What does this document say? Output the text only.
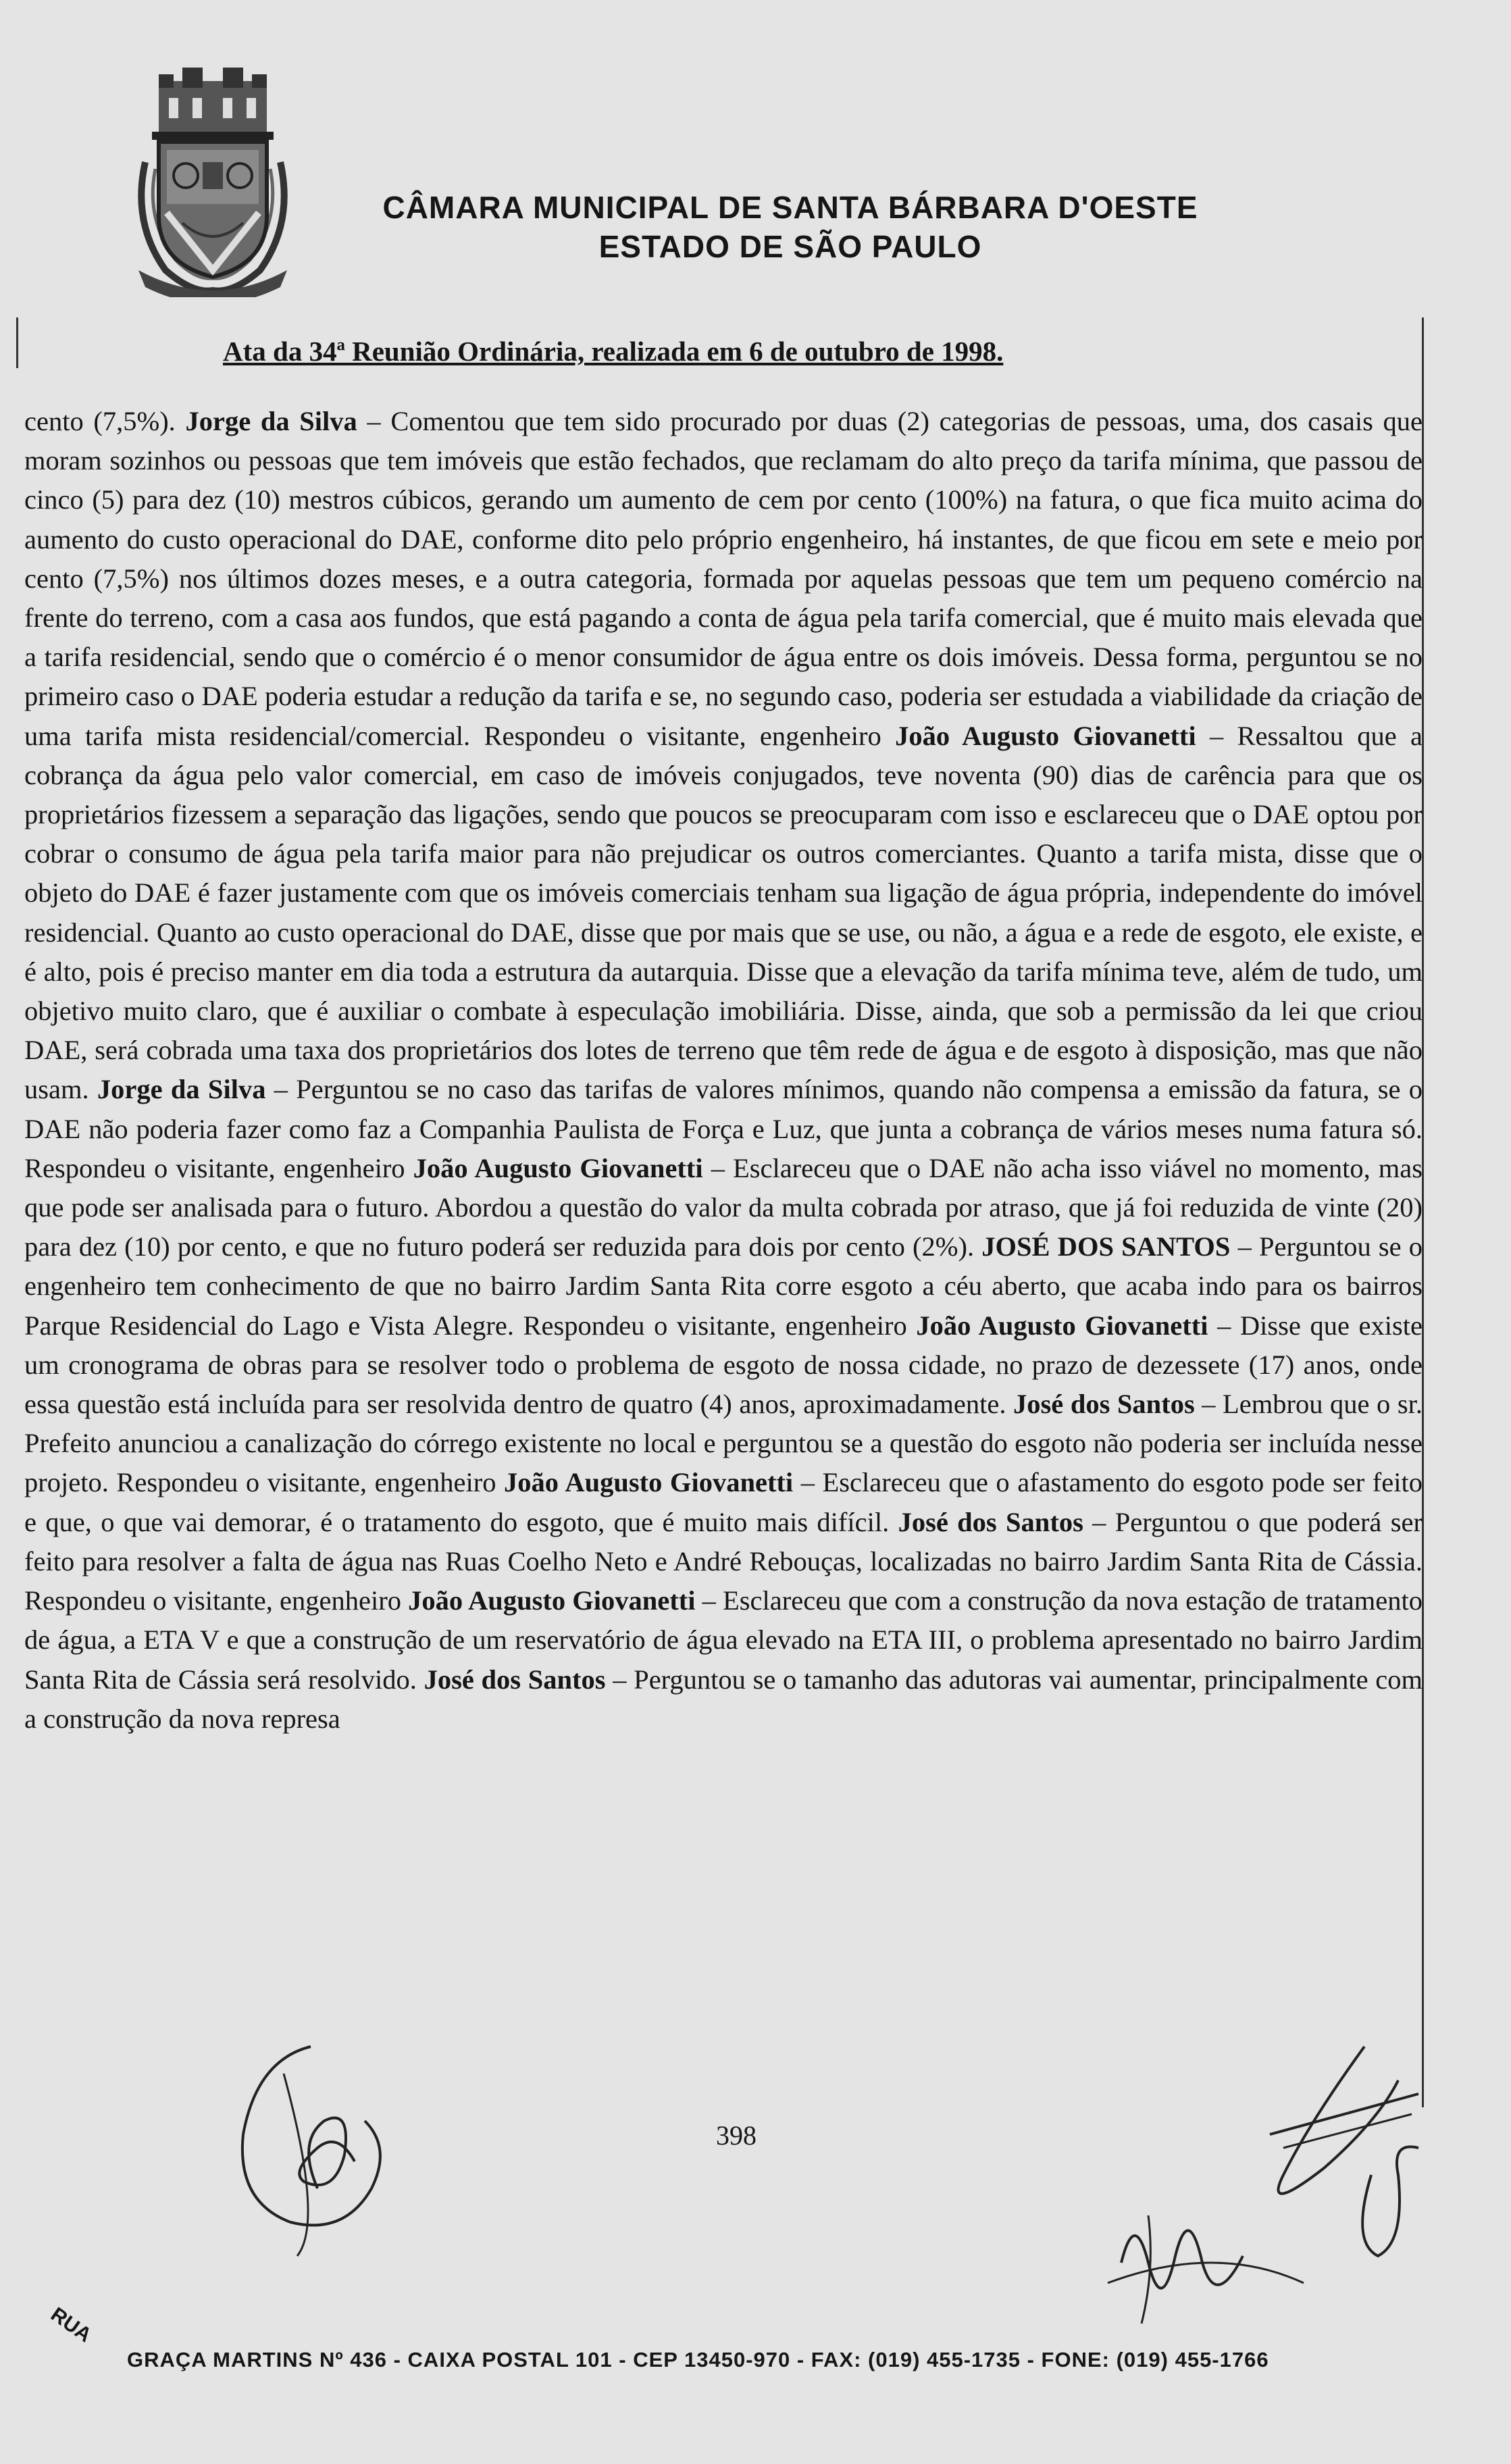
CÂMARA MUNICIPAL DE SANTA BÁRBARA D'OESTE
ESTADO DE SÃO PAULO
Ata da 34ª Reunião Ordinária, realizada em 6 de outubro de 1998.
cento (7,5%). Jorge da Silva – Comentou que tem sido procurado por duas (2) categorias de pessoas, uma, dos casais que moram sozinhos ou pessoas que tem imóveis que estão fechados, que reclamam do alto preço da tarifa mínima, que passou de cinco (5) para dez (10) mestros cúbicos, gerando um aumento de cem por cento (100%) na fatura, o que fica muito acima do aumento do custo operacional do DAE, conforme dito pelo próprio engenheiro, há instantes, de que ficou em sete e meio por cento (7,5%) nos últimos dozes meses, e a outra categoria, formada por aquelas pessoas que tem um pequeno comércio na frente do terreno, com a casa aos fundos, que está pagando a conta de água pela tarifa comercial, que é muito mais elevada que a tarifa residencial, sendo que o comércio é o menor consumidor de água entre os dois imóveis. Dessa forma, perguntou se no primeiro caso o DAE poderia estudar a redução da tarifa e se, no segundo caso, poderia ser estudada a viabilidade da criação de uma tarifa mista residencial/comercial. Respondeu o visitante, engenheiro João Augusto Giovanetti – Ressaltou que a cobrança da água pelo valor comercial, em caso de imóveis conjugados, teve noventa (90) dias de carência para que os proprietários fizessem a separação das ligações, sendo que poucos se preocuparam com isso e esclareceu que o DAE optou por cobrar o consumo de água pela tarifa maior para não prejudicar os outros comerciantes. Quanto a tarifa mista, disse que o objeto do DAE é fazer justamente com que os imóveis comerciais tenham sua ligação de água própria, independente do imóvel residencial. Quanto ao custo operacional do DAE, disse que por mais que se use, ou não, a água e a rede de esgoto, ele existe, e é alto, pois é preciso manter em dia toda a estrutura da autarquia. Disse que a elevação da tarifa mínima teve, além de tudo, um objetivo muito claro, que é auxiliar o combate à especulação imobiliária. Disse, ainda, que sob a permissão da lei que criou DAE, será cobrada uma taxa dos proprietários dos lotes de terreno que têm rede de água e de esgoto à disposição, mas que não usam. Jorge da Silva – Perguntou se no caso das tarifas de valores mínimos, quando não compensa a emissão da fatura, se o DAE não poderia fazer como faz a Companhia Paulista de Força e Luz, que junta a cobrança de vários meses numa fatura só. Respondeu o visitante, engenheiro João Augusto Giovanetti – Esclareceu que o DAE não acha isso viável no momento, mas que pode ser analisada para o futuro. Abordou a questão do valor da multa cobrada por atraso, que já foi reduzida de vinte (20) para dez (10) por cento, e que no futuro poderá ser reduzida para dois por cento (2%). JOSÉ DOS SANTOS – Perguntou se o engenheiro tem conhecimento de que no bairro Jardim Santa Rita corre esgoto a céu aberto, que acaba indo para os bairros Parque Residencial do Lago e Vista Alegre. Respondeu o visitante, engenheiro João Augusto Giovanetti – Disse que existe um cronograma de obras para se resolver todo o problema de esgoto de nossa cidade, no prazo de dezessete (17) anos, onde essa questão está incluída para ser resolvida dentro de quatro (4) anos, aproximadamente. José dos Santos – Lembrou que o sr. Prefeito anunciou a canalização do córrego existente no local e perguntou se a questão do esgoto não poderia ser incluída nesse projeto. Respondeu o visitante, engenheiro João Augusto Giovanetti – Esclareceu que o afastamento do esgoto pode ser feito e que, o que vai demorar, é o tratamento do esgoto, que é muito mais difícil. José dos Santos – Perguntou o que poderá ser feito para resolver a falta de água nas Ruas Coelho Neto e André Rebouças, localizadas no bairro Jardim Santa Rita de Cássia. Respondeu o visitante, engenheiro João Augusto Giovanetti – Esclareceu que com a construção da nova estação de tratamento de água, a ETA V e que a construção de um reservatório de água elevado na ETA III, o problema apresentado no bairro Jardim Santa Rita de Cássia será resolvido. José dos Santos – Perguntou se o tamanho das adutoras vai aumentar, principalmente com a construção da nova represa
398
RUA
GRAÇA MARTINS Nº 436 - CAIXA POSTAL 101 - CEP 13450-970 - FAX: (019) 455-1735 - FONE: (019) 455-1766
